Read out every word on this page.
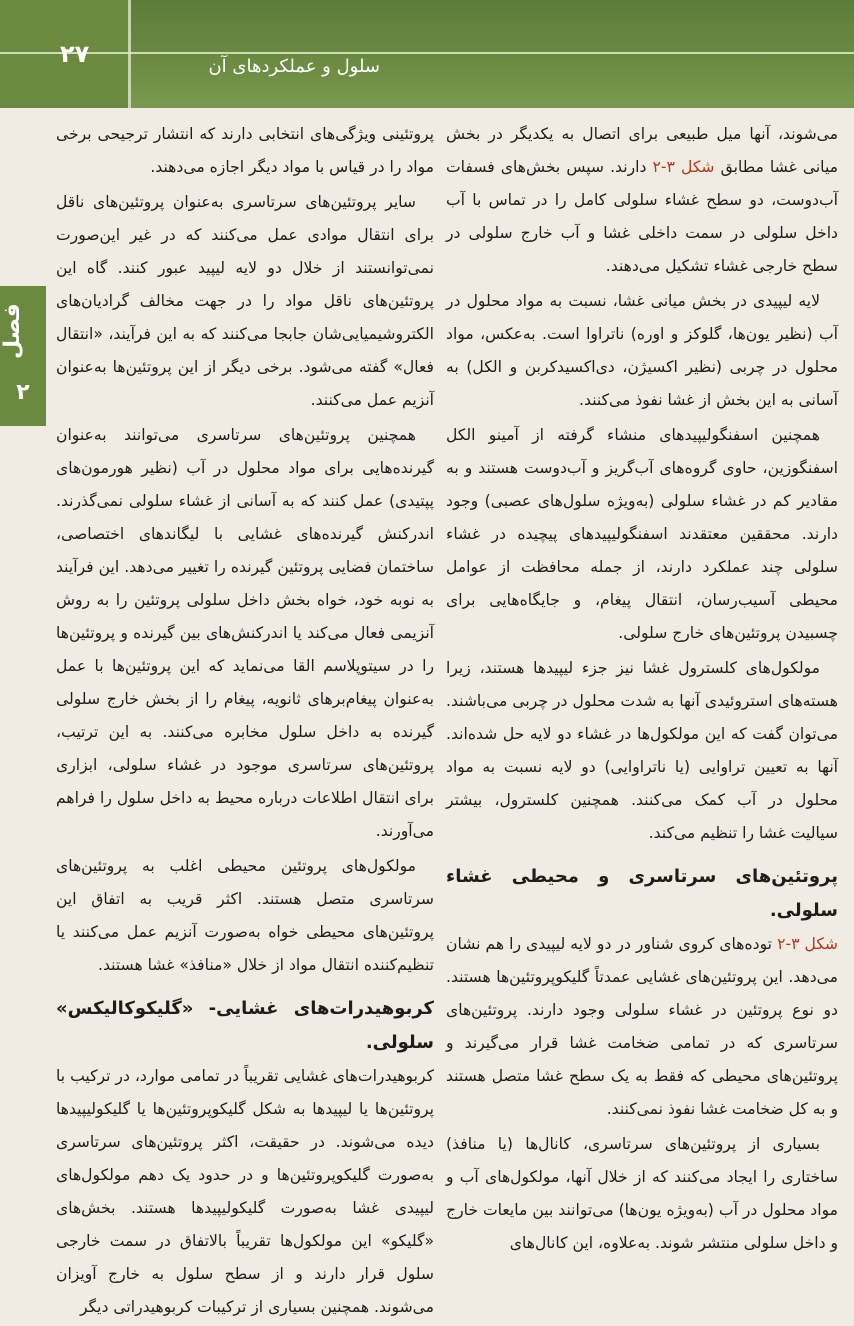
۲۷	سلول و عملکردهای آن
فصل
۲

می‌شوند، آنها میل طبیعی برای اتصال به یکدیگر در بخش میانی غشا مطابق شکل ۳-۲ دارند. سپس بخش‌های فسفات آب‌دوست، دو سطح غشاء سلولی کامل را در تماس با آب داخل سلولی در سمت داخلی غشا و آب خارج سلولی در سطح خارجی غشاء تشکیل می‌دهند.

لایه لیپیدی در بخش میانی غشا، نسبت به مواد محلول در آب (نظیر یون‌ها، گلوکز و اوره) ناتراوا است. به‌عکس، مواد محلول در چربی (نظیر اکسیژن، دی‌اکسیدکربن و الکل) به آسانی به این بخش از غشا نفوذ می‌کنند.

همچنین اسفنگولیپیدهای منشاء گرفته از آمینو الکل اسفنگوزین، حاوی گروه‌های آب‌گریز و آب‌دوست هستند و به مقادیر کم در غشاء سلولی (به‌ویژه سلول‌های عصبی) وجود دارند. محققین معتقدند اسفنگولیپیدهای پیچیده در غشاء سلولی چند عملکرد دارند، از جمله محافظت از عوامل محیطی آسیب‌رسان، انتقال پیغام، و جایگاه‌هایی برای چسبیدن پروتئین‌های خارج سلولی.

مولکول‌های کلسترول غشا نیز جزء لیپیدها هستند، زیرا هسته‌های استروئیدی آنها به شدت محلول در چربی می‌باشند. می‌توان گفت که این مولکول‌ها در غشاء دو لایه حل شده‌اند. آنها به تعیین تراوایی (یا ناتراوایی) دو لایه نسبت به مواد محلول در آب کمک می‌کنند. همچنین کلسترول، بیشتر سیالیت غشا را تنظیم می‌کند.

پروتئین‌های سرتاسری و محیطی غشاء سلولی.

شکل ۳-۲ توده‌های کروی شناور در دو لایه لیپیدی را هم نشان می‌دهد. این پروتئین‌های غشایی عمدتاً گلیکوپروتئین‌ها هستند. دو نوع پروتئین در غشاء سلولی وجود دارند. پروتئین‌های سرتاسری که در تمامی ضخامت غشا قرار می‌گیرند و پروتئین‌های محیطی که فقط به یک سطح غشا متصل هستند و به کل ضخامت غشا نفوذ نمی‌کنند.

بسیاری از پروتئین‌های سرتاسری، کانال‌ها (یا منافذ) ساختاری را ایجاد می‌کنند که از خلال آنها، مولکول‌های آب و مواد محلول در آب (به‌ویژه یون‌ها) می‌توانند بین مایعات خارج و داخل سلولی منتشر شوند. به‌علاوه، این کانال‌های

پروتئینی ویژگی‌های انتخابی دارند که انتشار ترجیحی برخی مواد را در قیاس با مواد دیگر اجازه می‌دهند.

سایر پروتئین‌های سرتاسری به‌عنوان پروتئین‌های ناقل برای انتقال موادی عمل می‌کنند که در غیر این‌صورت نمی‌توانستند از خلال دو لایه لیپید عبور کنند. گاه این پروتئین‌های ناقل مواد را در جهت مخالف گرادیان‌های الکتروشیمیایی‌شان جابجا می‌کنند که به این فرآیند، «انتقال فعال» گفته می‌شود. برخی دیگر از این پروتئین‌ها به‌عنوان آنزیم عمل می‌کنند.

همچنین پروتئین‌های سرتاسری می‌توانند به‌عنوان گیرنده‌هایی برای مواد محلول در آب (نظیر هورمون‌های پپتیدی) عمل کنند که به آسانی از غشاء سلولی نمی‌گذرند. اندرکنش گیرنده‌های غشایی با لیگاندهای اختصاصی، ساختمان فضایی پروتئین گیرنده را تغییر می‌دهد. این فرآیند به نوبه خود، خواه بخش داخل سلولی پروتئین را به روش آنزیمی فعال می‌کند یا اندرکنش‌های بین گیرنده و پروتئین‌ها را در سیتوپلاسم القا می‌نماید که این پروتئین‌ها با عمل به‌عنوان پیغام‌برهای ثانویه، پیغام را از بخش خارج سلولی گیرنده به داخل سلول مخابره می‌کنند. به این ترتیب، پروتئین‌های سرتاسری موجود در غشاء سلولی، ابزاری برای انتقال اطلاعات درباره محیط به داخل سلول را فراهم می‌آورند.

مولکول‌های پروتئین محیطی اغلب به پروتئین‌های سرتاسری متصل هستند. اکثر قریب به اتفاق این پروتئین‌های محیطی خواه به‌صورت آنزیم عمل می‌کنند یا تنظیم‌کننده انتقال مواد از خلال «منافذ» غشا هستند.

کربوهیدرات‌های غشایی- «گلیکوکالیکس» سلولی.

کربوهیدرات‌های غشایی تقریباً در تمامی موارد، در ترکیب با پروتئین‌ها یا لیپیدها به شکل گلیکوپروتئین‌ها یا گلیکولیپیدها دیده می‌شوند. در حقیقت، اکثر پروتئین‌های سرتاسری به‌صورت گلیکوپروتئین‌ها و در حدود یک دهم مولکول‌های لیپیدی غشا به‌صورت گلیکولیپیدها هستند. بخش‌های «گلیکو» این مولکول‌ها تقریباً بالاتفاق در سمت خارجی سلول قرار دارند و از سطح سلول به خارج آویزان می‌شوند. همچنین بسیاری از ترکیبات کربوهیدراتی دیگر
